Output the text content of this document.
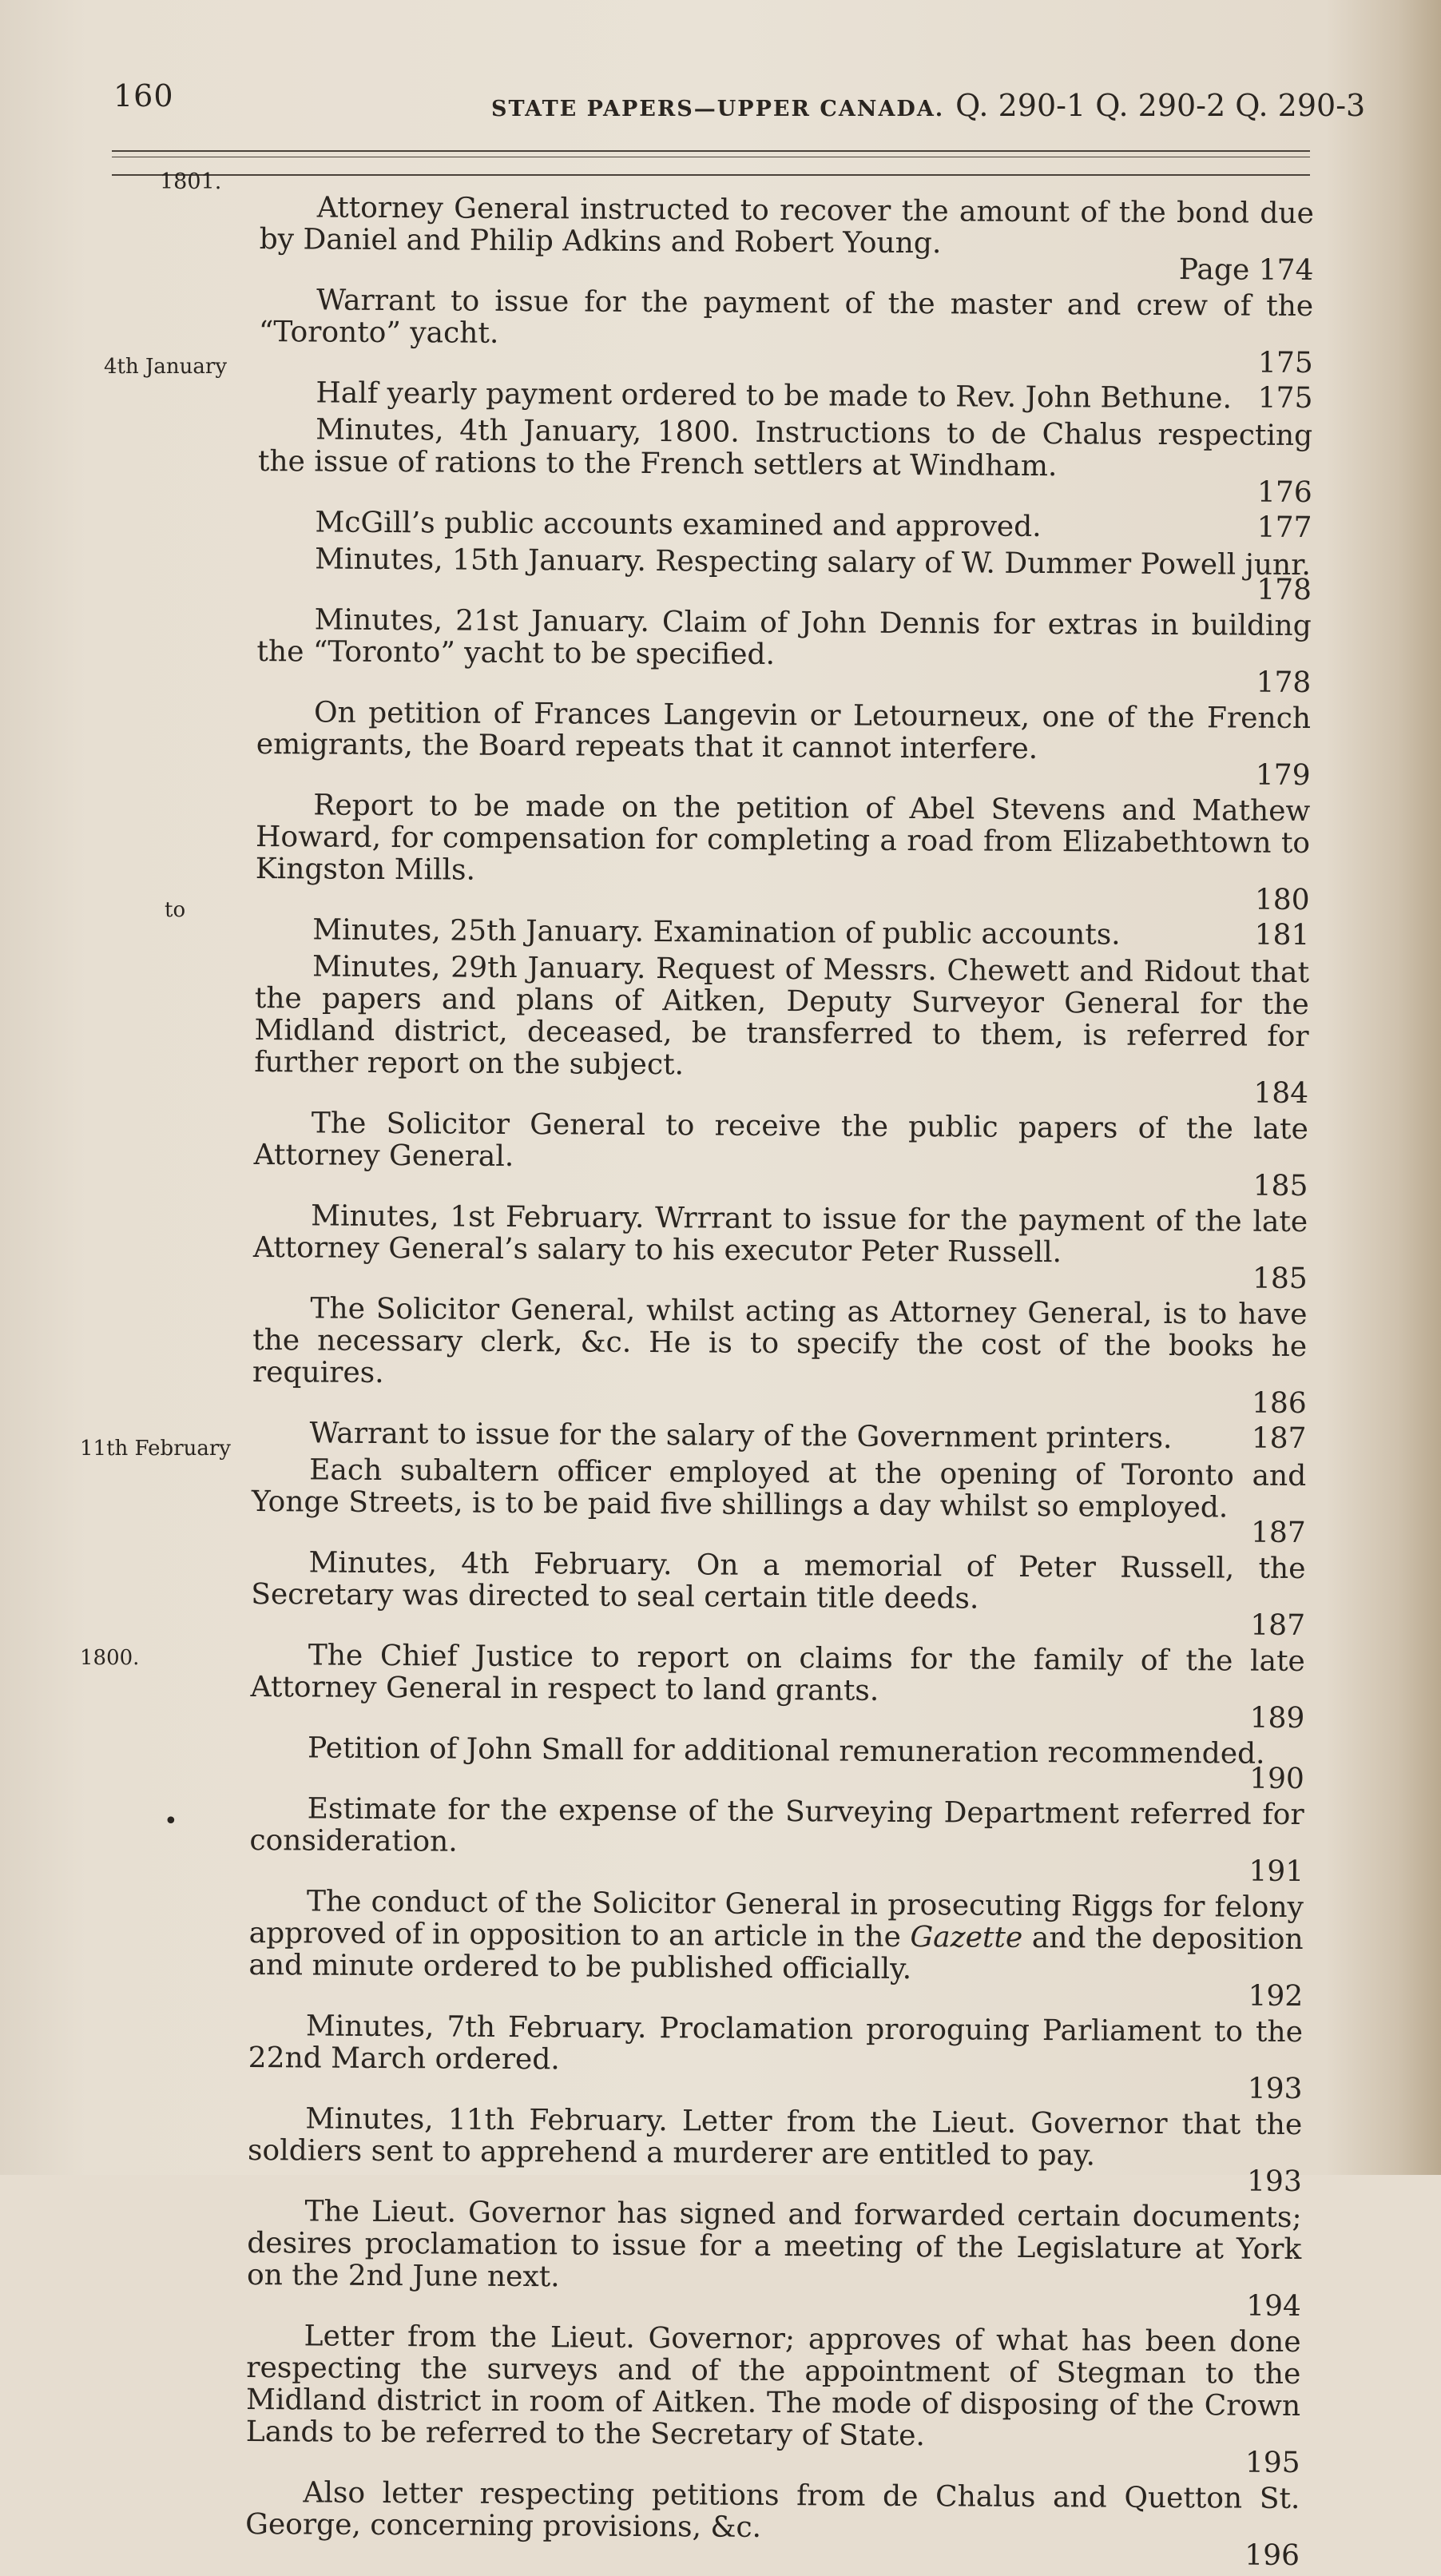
160	STATE PAPERS—UPPER CANADA. Q. 290-1 Q. 290-2 Q. 290-3
1801.
4th January
to
11th February
1800.
•
Attorney General instructed to recover the amount of the bond due by Daniel and Philip Adkins and Robert Young.
Page 174
Warrant to issue for the payment of the master and crew of the “Toronto” yacht.
175
175
Half yearly payment ordered to be made to Rev. John Bethune.
Minutes, 4th January, 1800. Instructions to de Chalus respecting the issue of rations to the French settlers at Windham.
176
177
McGill’s public accounts examined and approved.
Minutes, 15th January. Respecting salary of W. Dummer Powell junr.
178
Minutes, 21st January. Claim of John Dennis for extras in building the “Toronto” yacht to be specified.
178
On petition of Frances Langevin or Letourneux, one of the French emigrants, the Board repeats that it cannot interfere.
179
Report to be made on the petition of Abel Stevens and Mathew Howard, for compensation for completing a road from Elizabethtown to Kingston Mills.
180
181
Minutes, 25th January. Examination of public accounts.
Minutes, 29th January. Request of Messrs. Chewett and Ridout that the papers and plans of Aitken, Deputy Surveyor General for the Midland district, deceased, be transferred to them, is referred for further report on the subject.
184
The Solicitor General to receive the public papers of the late Attorney General.
185
Minutes, 1st February. Wrrrant to issue for the payment of the late Attorney General’s salary to his executor Peter Russell.
185
The Solicitor General, whilst acting as Attorney General, is to have the necessary clerk, &c. He is to specify the cost of the books he requires.
186
187
Warrant to issue for the salary of the Government printers.
Each subaltern officer employed at the opening of Toronto and Yonge Streets, is to be paid five shillings a day whilst so employed.
187
Minutes, 4th February. On a memorial of Peter Russell, the Secretary was directed to seal certain title deeds.
187
The Chief Justice to report on claims for the family of the late Attorney General in respect to land grants.
189
Petition of John Small for additional remuneration recommended.
190
Estimate for the expense of the Surveying Department referred for consideration.
191
The conduct of the Solicitor General in prosecuting Riggs for felony approved of in opposition to an article in the Gazette and the deposition and minute ordered to be published officially.
192
Minutes, 7th February. Proclamation proroguing Parliament to the 22nd March ordered.
193
Minutes, 11th February. Letter from the Lieut. Governor that the soldiers sent to apprehend a murderer are entitled to pay.
193
The Lieut. Governor has signed and forwarded certain documents; desires proclamation to issue for a meeting of the Legislature at York on the 2nd June next.
194
Letter from the Lieut. Governor; approves of what has been done respecting the surveys and of the appointment of Stegman to the Midland district in room of Aitken. The mode of disposing of the Crown Lands to be referred to the Secretary of State.
195
Also letter respecting petitions from de Chalus and Quetton St. George, concerning provisions, &c.
196
